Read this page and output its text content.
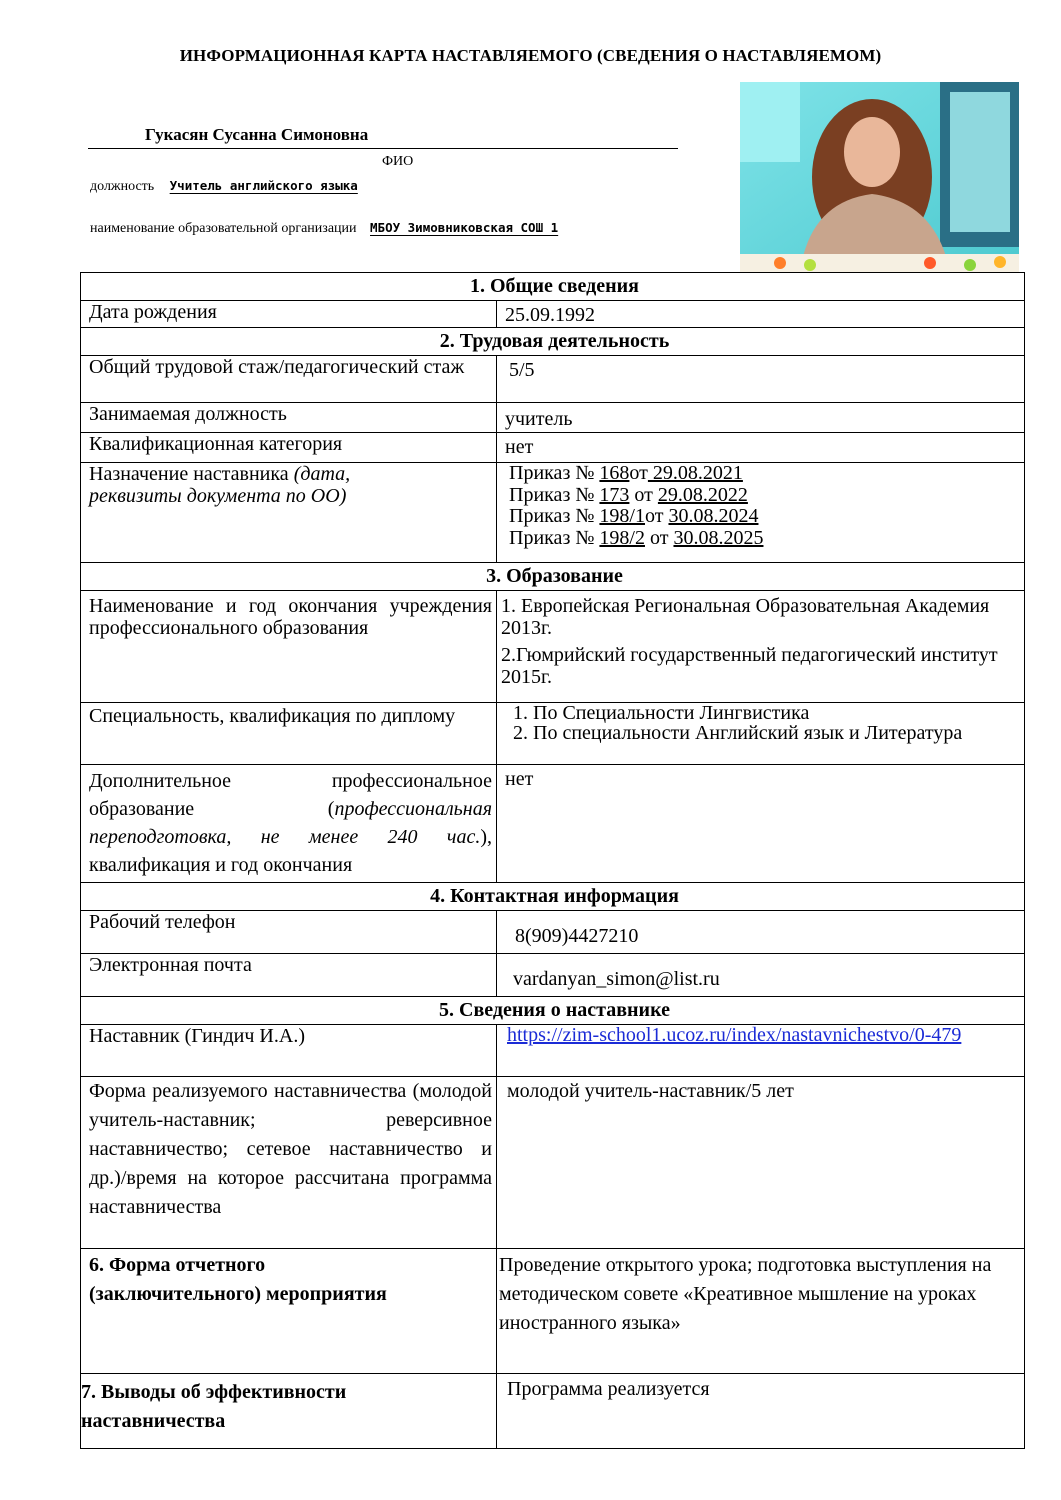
ИНФОРМАЦИОННАЯ КАРТА НАСТАВЛЯЕМОГО (СВЕДЕНИЯ О НАСТАВЛЯЕМОМ)
Гукасян Сусанна Симоновна
ФИО
должность Учитель английского языка
наименование образовательной организации МБОУ Зимовниковская СОШ 1
1. Общие сведения	
Дата рождения	25.09.1992
2. Трудовая деятельность	
Общий трудовой стаж/педагогический стаж	5/5
Занимаемая должность	учитель
Квалификационная категория	нет

Назначение наставника (дата, реквизиты документа по ОО)	Приказ № 168от 29.08.2021
Приказ № 173 от 29.08.2022
Приказ № 198/1от 30.08.2024
Приказ № 198/2 от 30.08.2025

3. Образование	
Наименование и год окончания учреждения профессионального образования	1. Европейская Региональная Образовательная Академия 2013г.
2.Гюмрийский государственный педагогический институт 2015г.

Специальность, квалификация по диплому	1. По Специальности Лингвистика
2. По специальности Английский язык и Литература

Дополнительное профессиональное образование (профессиональная переподготовка, не менее 240 час.), квалификация и год окончания	нет
4. Контактная информация	
Рабочий телефон	8(909)4427210
Электронная почта	vardanyan_simon@list.ru
5. Сведения о наставнике	
Наставник (Гиндич И.А.)	https://zim-school1.ucoz.ru/index/nastavnichestvo/0-479
Форма реализуемого наставничества (молодой учитель-наставник; реверсивное наставничество; сетевое наставничество и др.)/время на которое рассчитана программа наставничества	молодой учитель-наставник/5 лет
6. Форма отчетного (заключительного) мероприятия	Проведение открытого урока; подготовка выступления на методическом совете «Креативное мышление на уроках иностранного языка»
7. Выводы об эффективности наставничества	Программа реализуется
